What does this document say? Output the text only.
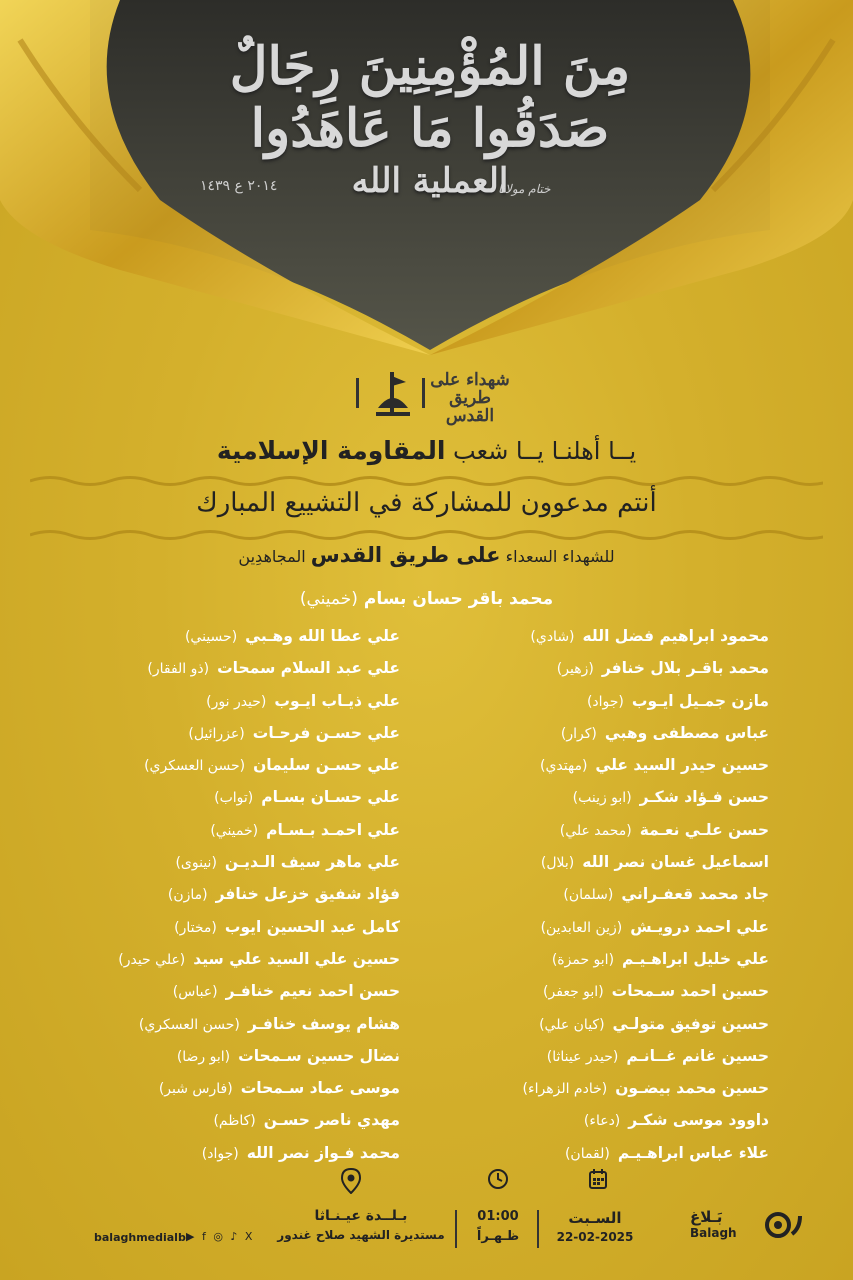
مِنَ المُؤْمِنِينَ رِجَالٌ
صَدَقُوا مَا عَاهَدُوا
العملية الله
٢٠١٤ ع ١٤٣٩	ختام مولانا
شهداء على طريق القدس
يــا أهلنـا يــا شعب المقاومة الإسلامية
أنتم مدعوون للمشاركة في التشييع المبارك
للشهداء السعداء على طريق القدس المجاهدِين
محمد باقر حسان بسام(خميني)
محمود ابراهيم فضل الله(شادي)
محمد باقـر بلال خنافر(زهير)
مازن جمـيل ايـوب(جواد)
عباس مصطفى وهبي(كرار)
حسين حيدر السيد علي(مهتدي)
حسن فـؤاد شكـر(ابو زينب)
حسن علـي نعـمة(محمد علي)
اسماعيل غسان نصر الله(بلال)
جاد محمد قعفـراني(سلمان)
علي احمد درويـش(زين العابدين)
علي خليل ابراهـيـم(ابو حمزة)
حسين احمد سـمحات(ابو جعفر)
حسين توفيق متولـي(كيان علي)
حسين غانم غــانـم(حيدر عيناثا)
حسين محمد بيضـون(خادم الزهراء)
داوود موسى شكـر(دعاء)
علاء عباس ابراهـيـم(لقمان)
علي عطا الله وهـبي(حسيني)
علي عبد السلام سمحات(ذو الفقار)
علي ذيـاب ايـوب(حيدر نور)
علي حسـن فرحـات(عزرائيل)
علي حسـن سليمان(حسن العسكري)
علي حسـان بسـام(تواب)
علي احمـد بـسـام(خميني)
علي ماهر سيف الـديـن(نينوى)
فؤاد شفيق خزعل خنافر(مازن)
كامل عبد الحسين ايوب(مختار)
حسين علي السيد علي سيد(علي حيدر)
حسن احمد نعيم خنافـر(عباس)
هشام يوسف خنافـر(حسن العسكري)
نضال حسين سـمحات(ابو رضا)
موسى عماد سـمحات(فارس شبر)
مهدي ناصر حسـن(كاظم)
محمد فـواز نصر الله(جواد)
السـبت
22-02-2025
01:00
ظـهـراً
بـلــدة عيـنـاثا
مستديرة الشهيد صلاح غندور
بَـلاغ
Balagh
balaghmedialb ▶ f ◎ ♪ X
